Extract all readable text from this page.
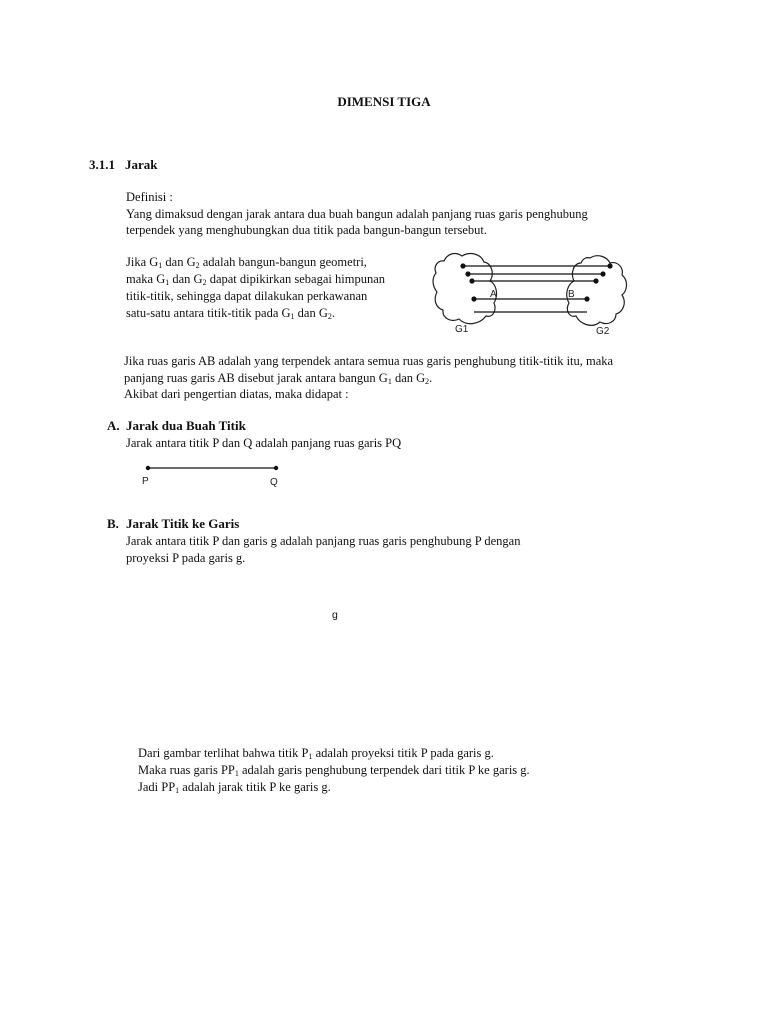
DIMENSI TIGA
3.1.1 Jarak
Definisi :
Yang dimaksud dengan jarak antara dua buah bangun adalah panjang ruas garis penghubung
terpendek yang menghubungkan dua titik pada bangun-bangun tersebut.
Jika $G_1$ dan $G_2$ adalah bangun-bangun geometri,
maka $G_1$ dan $G_2$ dapat dipikirkan sebagai himpunan
titik-titik, sehingga dapat dilakukan perkawanan
satu-satu antara titik-titik pada $G_1$ dan $G_2$.
A	B
G1	G2
Jika ruas garis AB adalah yang terpendek antara semua ruas garis penghubung titik-titik itu, maka
panjang ruas garis AB disebut jarak antara bangun $G_1$ dan $G_2$.
Akibat dari pengertian diatas, maka didapat :
A. Jarak dua Buah Titik
Jarak antara titik P dan Q adalah panjang ruas garis PQ
P	Q
B. Jarak Titik ke Garis
Jarak antara titik P dan garis g adalah panjang ruas garis penghubung P dengan
proyeksi P pada garis g.
g
Dari gambar terlihat bahwa titik $P_1$ adalah proyeksi titik P pada garis g.
Maka ruas garis $PP_1$ adalah garis penghubung terpendek dari titik P ke garis g.
Jadi $PP_1$ adalah jarak titik P ke garis g.
